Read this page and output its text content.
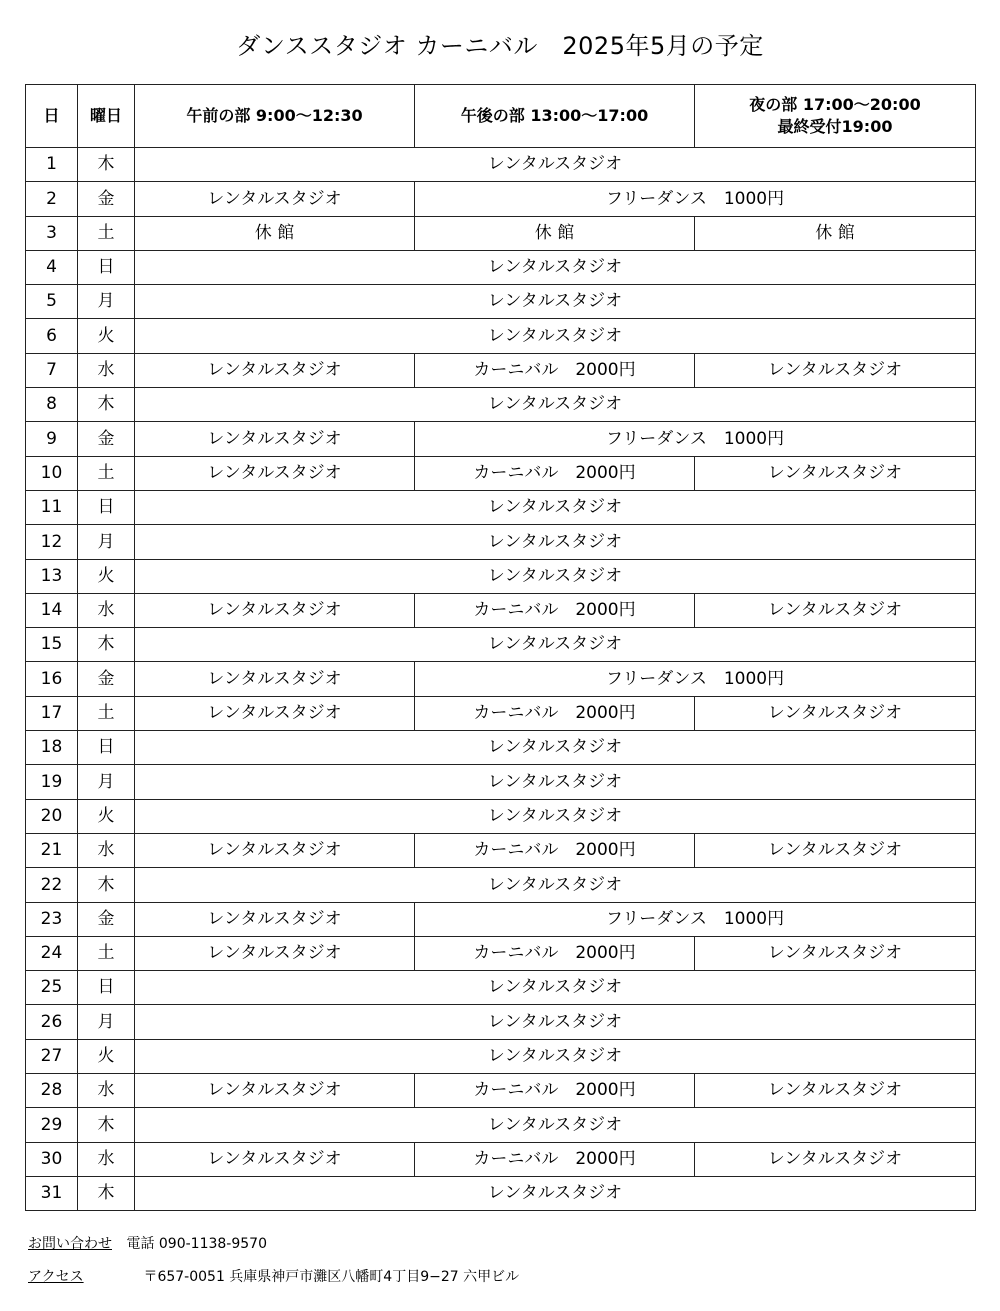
ダンススタジオ カーニバル　2025年5月の予定
日	曜日	午前の部 9:00〜12:30	午後の部 13:00〜17:00	夜の部 17:00〜20:00
最終受付19:00
1	木	レンタルスタジオ		
2	金	レンタルスタジオ	フリーダンス　1000円	
3	土	休 館	休 館	休 館
4	日	レンタルスタジオ		
5	月	レンタルスタジオ		
6	火	レンタルスタジオ		
7	水	レンタルスタジオ	カーニバル　2000円	レンタルスタジオ
8	木	レンタルスタジオ		
9	金	レンタルスタジオ	フリーダンス　1000円	
10	土	レンタルスタジオ	カーニバル　2000円	レンタルスタジオ
11	日	レンタルスタジオ		
12	月	レンタルスタジオ		
13	火	レンタルスタジオ		
14	水	レンタルスタジオ	カーニバル　2000円	レンタルスタジオ
15	木	レンタルスタジオ		
16	金	レンタルスタジオ	フリーダンス　1000円	
17	土	レンタルスタジオ	カーニバル　2000円	レンタルスタジオ
18	日	レンタルスタジオ		
19	月	レンタルスタジオ		
20	火	レンタルスタジオ		
21	水	レンタルスタジオ	カーニバル　2000円	レンタルスタジオ
22	木	レンタルスタジオ		
23	金	レンタルスタジオ	フリーダンス　1000円	
24	土	レンタルスタジオ	カーニバル　2000円	レンタルスタジオ
25	日	レンタルスタジオ		
26	月	レンタルスタジオ		
27	火	レンタルスタジオ		
28	水	レンタルスタジオ	カーニバル　2000円	レンタルスタジオ
29	木	レンタルスタジオ		
30	水	レンタルスタジオ	カーニバル　2000円	レンタルスタジオ
31	木	レンタルスタジオ		
お問い合わせ 電話 090-1138-9570
アクセス	〒657-0051 兵庫県神戸市灘区八幡町4丁目9−27 六甲ビル
